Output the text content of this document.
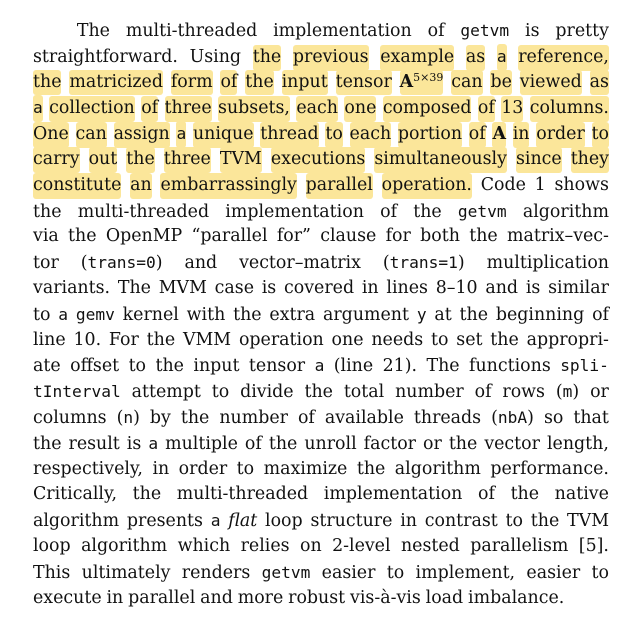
The multi-threaded implementation of getvm is pretty
straightforward. Using the previous example as a reference,
the matricized form of the input tensor $A^{5\times 39}$ can be viewed as
a collection of three subsets, each one composed of 13 columns.
One can assign a unique thread to each portion of A in order to
carry out the three TVM executions simultaneously since they
constitute an embarrassingly parallel operation. Code 1 shows
the multi-threaded implementation of the getvm algorithm
via the OpenMP “parallel for” clause for both the matrix–vec-
tor (trans=0) and vector–matrix (trans=1) multiplication
variants. The MVM case is covered in lines 8–10 and is similar
to a gemv kernel with the extra argument y at the beginning of
line 10. For the VMM operation one needs to set the appropri-
ate offset to the input tensor a (line 21). The functions spli-
tInterval attempt to divide the total number of rows (m) or
columns (n) by the number of available threads (nbA) so that
the result is a multiple of the unroll factor or the vector length,
respectively, in order to maximize the algorithm performance.
Critically, the multi-threaded implementation of the native
algorithm presents a flat loop structure in contrast to the TVM
loop algorithm which relies on 2-level nested parallelism [5].
This ultimately renders getvm easier to implement, easier to
execute in parallel and more robust vis-à-vis load imbalance.
